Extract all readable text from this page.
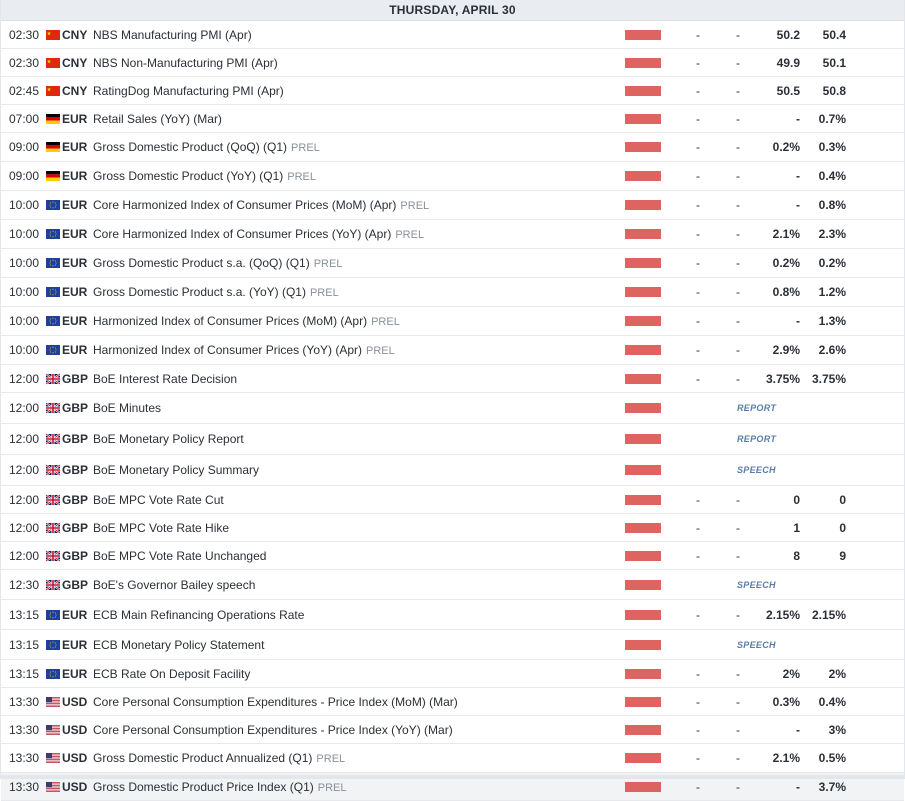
THURSDAY, APRIL 30
02:30 CNY NBS Manufacturing PMI (Apr)	-	-	50.2 50.4
02:30 CNY NBS Non-Manufacturing PMI (Apr)	-	-	49.9 50.1
02:45 CNY RatingDog Manufacturing PMI (Apr)	-	-	50.5 50.8
07:00 EUR Retail Sales (YoY) (Mar)	-	-	- 0.7%
09:00 EUR Gross Domestic Product (QoQ) (Q1) PREL	-	-	0.2% 0.3%
09:00 EUR Gross Domestic Product (YoY) (Q1) PREL	-	-	- 0.4%
10:00 EUR Core Harmonized Index of Consumer Prices (MoM) (Apr) PREL	-	-	- 0.8%
10:00 EUR Core Harmonized Index of Consumer Prices (YoY) (Apr) PREL	-	-	2.1% 2.3%
10:00 EUR Gross Domestic Product s.a. (QoQ) (Q1) PREL	-	-	0.2% 0.2%
10:00 EUR Gross Domestic Product s.a. (YoY) (Q1) PREL	-	-	0.8% 1.2%
10:00 EUR Harmonized Index of Consumer Prices (MoM) (Apr) PREL	-	-	- 1.3%
10:00 EUR Harmonized Index of Consumer Prices (YoY) (Apr) PREL	-	-	2.9% 2.6%
12:00 GBP BoE Interest Rate Decision	-	- 3.75% 3.75%
12:00 GBP BoE Minutes	REPORT
12:00 GBP BoE Monetary Policy Report	REPORT
12:00 GBP BoE Monetary Policy Summary	SPEECH
12:00 GBP BoE MPC Vote Rate Cut	-	-	0	0
12:00 GBP BoE MPC Vote Rate Hike	-	-	1	0
12:00 GBP BoE MPC Vote Rate Unchanged	-	-	8	9
12:30 GBP BoE's Governor Bailey speech	SPEECH
13:15 EUR ECB Main Refinancing Operations Rate	-	- 2.15% 2.15%
13:15 EUR ECB Monetary Policy Statement	SPEECH
13:15 EUR ECB Rate On Deposit Facility	-	-	2% 2%
13:30 USD Core Personal Consumption Expenditures - Price Index (MoM) (Mar)	-	-	0.3% 0.4%
13:30 USD Core Personal Consumption Expenditures - Price Index (YoY) (Mar)	-	-	- 3%
13:30 USD Gross Domestic Product Annualized (Q1) PREL	-	-	2.1% 0.5%
13:30 USD Gross Domestic Product Price Index (Q1) PREL	-	-	- 3.7%
